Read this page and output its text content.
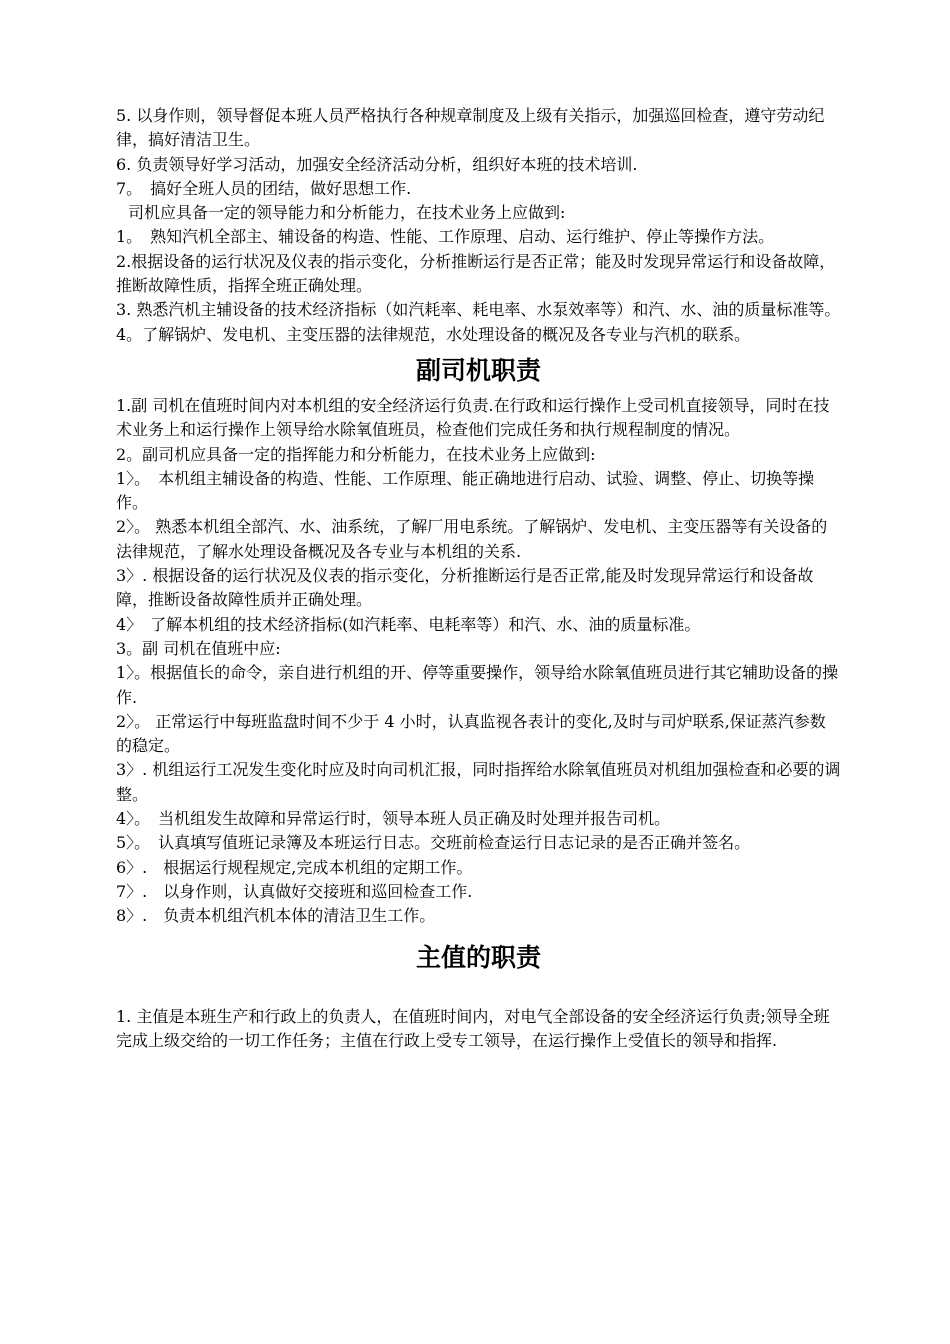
5. 以身作则，领导督促本班人员严格执行各种规章制度及上级有关指示，加强巡回检查，遵守劳动纪律，搞好清洁卫生。

6. 负责领导好学习活动，加强安全经济活动分析，组织好本班的技术培训.

7。　搞好全班人员的团结，做好思想工作.

司机应具备一定的领导能力和分析能力，在技术业务上应做到:

1。　熟知汽机全部主、辅设备的构造、性能、工作原理、启动、运行维护、停止等操作方法。

2.根据设备的运行状况及仪表的指示变化，分析推断运行是否正常；能及时发现异常运行和设备故障，推断故障性质，指挥全班正确处理。

3. 熟悉汽机主辅设备的技术经济指标（如汽耗率、耗电率、水泵效率等）和汽、水、油的质量标准等。

4。了解锅炉、发电机、主变压器的法律规范，水处理设备的概况及各专业与汽机的联系。

副司机职责

1.副 司机在值班时间内对本机组的安全经济运行负责.在行政和运行操作上受司机直接领导，同时在技术业务上和运行操作上领导给水除氧值班员，检查他们完成任务和执行规程制度的情况。

2。副司机应具备一定的指挥能力和分析能力，在技术业务上应做到:

1〉。　本机组主辅设备的构造、性能、工作原理、能正确地进行启动、试验、调整、停止、切换等操作。

2〉。 熟悉本机组全部汽、水、油系统，了解厂用电系统。了解锅炉、发电机、主变压器等有关设备的法律规范，了解水处理设备概况及各专业与本机组的关系.

3〉. 根据设备的运行状况及仪表的指示变化，分析推断运行是否正常,能及时发现异常运行和设备故障，推断设备故障性质并正确处理。

4〉　了解本机组的技术经济指标(如汽耗率、电耗率等）和汽、水、油的质量标准。

3。副 司机在值班中应:

1〉。根据值长的命令，亲自进行机组的开、停等重要操作，领导给水除氧值班员进行其它辅助设备的操作.

2〉。 正常运行中每班监盘时间不少于 4 小时，认真监视各表计的变化,及时与司炉联系,保证蒸汽参数的稳定。

3〉. 机组运行工况发生变化时应及时向司机汇报，同时指挥给水除氧值班员对机组加强检查和必要的调整。

4〉。　当机组发生故障和异常运行时，领导本班人员正确及时处理并报告司机。

5〉。　认真填写值班记录簿及本班运行日志。交班前检查运行日志记录的是否正确并签名。

6〉.　根据运行规程规定,完成本机组的定期工作。

7〉.　以身作则，认真做好交接班和巡回检查工作.

8〉.　负责本机组汽机本体的清洁卫生工作。

主值的职责

1. 主值是本班生产和行政上的负责人，在值班时间内，对电气全部设备的安全经济运行负责;领导全班完成上级交给的一切工作任务；主值在行政上受专工领导，在运行操作上受值长的领导和指挥.
